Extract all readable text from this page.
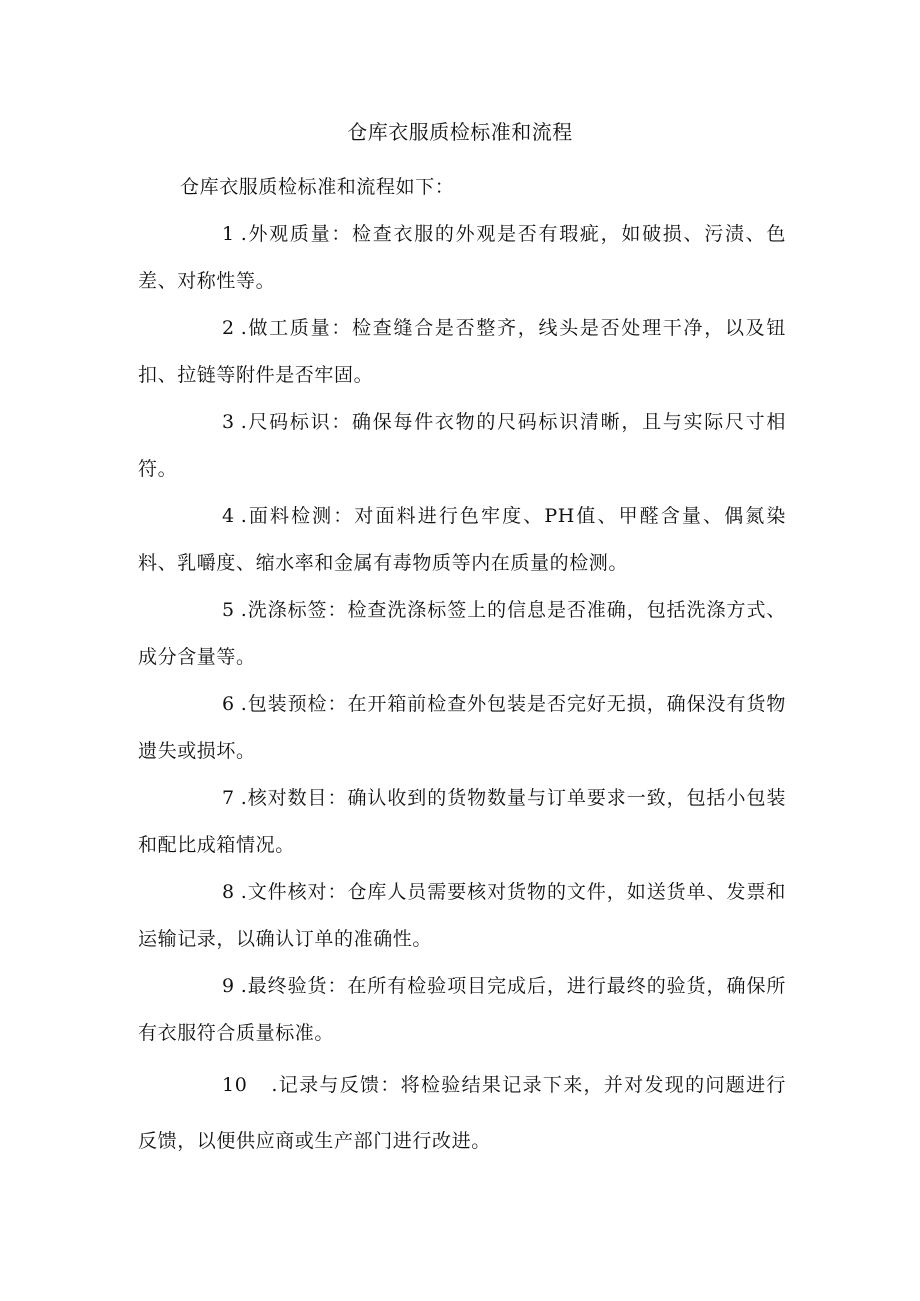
仓库衣服质检标准和流程

仓库衣服质检标准和流程如下：

1 .外观质量：检查衣服的外观是否有瑕疵，如破损、污渍、色差、对称性等。

2 .做工质量：检查缝合是否整齐，线头是否处理干净，以及钮扣、拉链等附件是否牢固。

3 .尺码标识：确保每件衣物的尺码标识清晰，且与实际尺寸相符。

4 .面料检测：对面料进行色牢度、PH值、甲醛含量、偶氮染料、乳嚼度、缩水率和金属有毒物质等内在质量的检测。

5 .洗涤标签：检查洗涤标签上的信息是否准确，包括洗涤方式、成分含量等。

6 .包装预检：在开箱前检查外包装是否完好无损，确保没有货物遗失或损坏。

7 .核对数目：确认收到的货物数量与订单要求一致，包括小包装和配比成箱情况。

8 .文件核对：仓库人员需要核对货物的文件，如送货单、发票和运输记录，以确认订单的准确性。

9 .最终验货：在所有检验项目完成后，进行最终的验货，确保所有衣服符合质量标准。

10 .记录与反馈：将检验结果记录下来，并对发现的问题进行反馈，以便供应商或生产部门进行改进。
